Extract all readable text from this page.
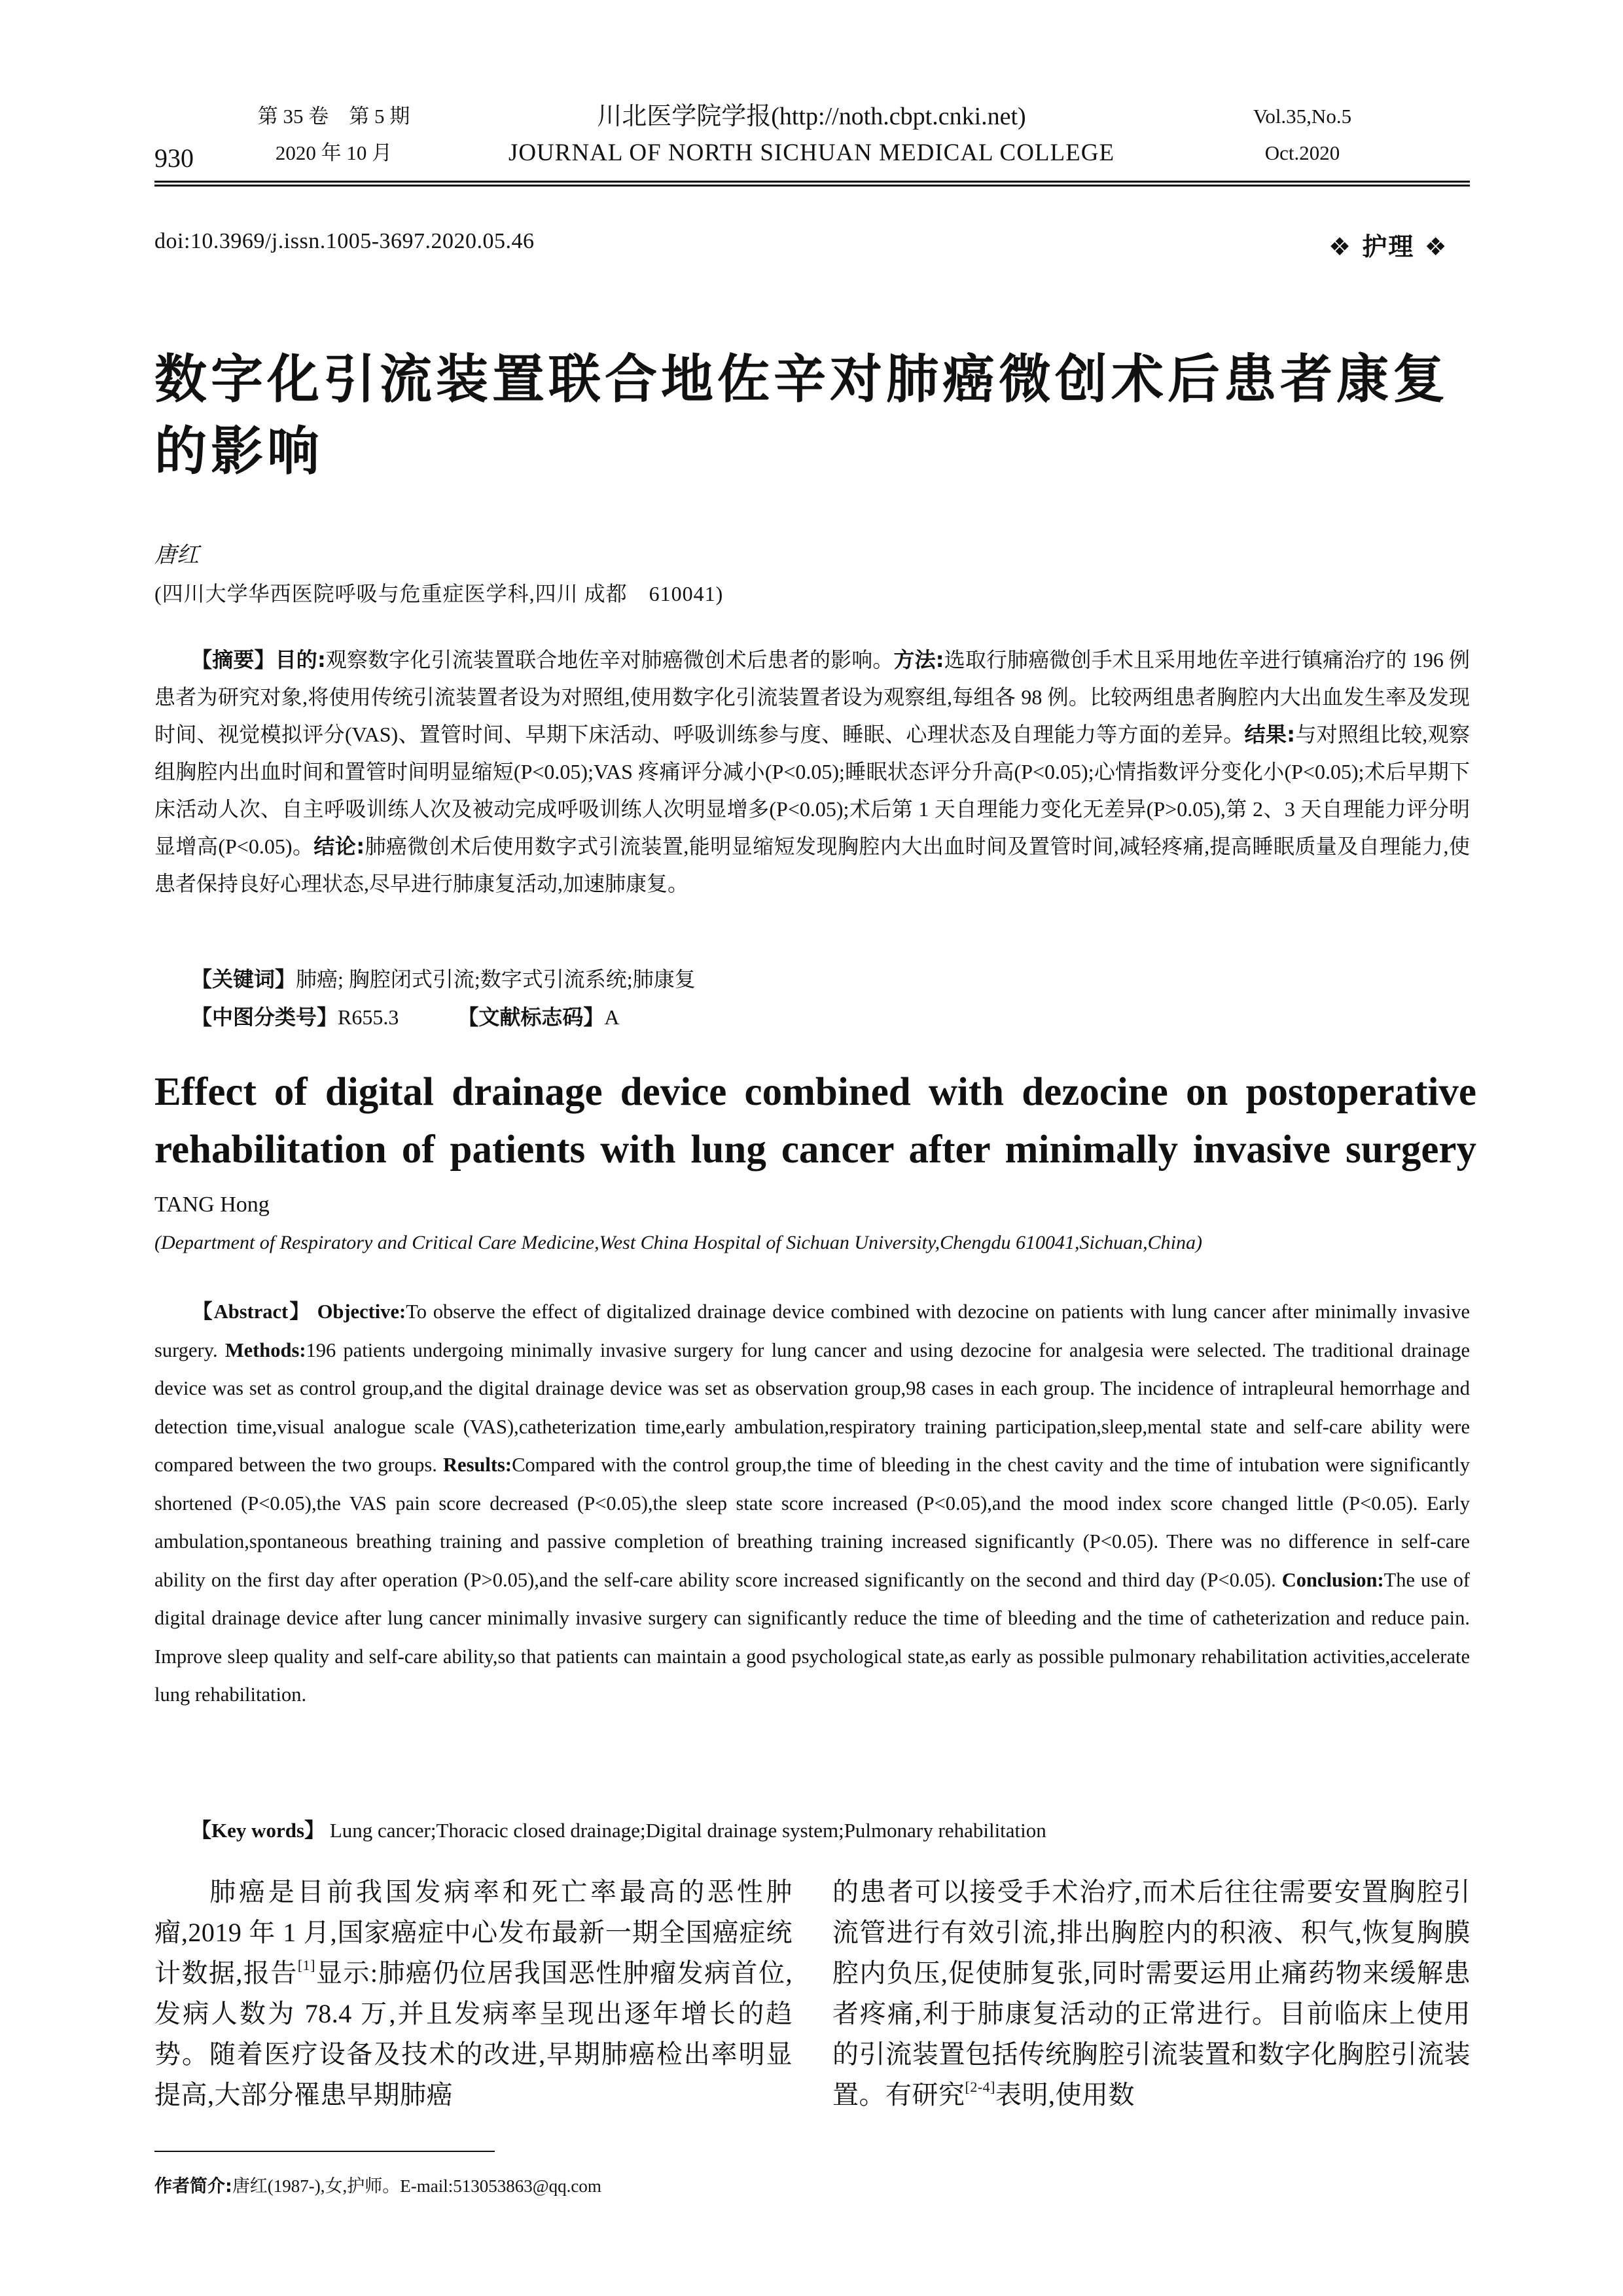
930
第 35 卷　第 5 期
2020 年 10 月
川北医学院学报(http://noth.cbpt.cnki.net)
JOURNAL OF NORTH SICHUAN MEDICAL COLLEGE
Vol.35,No.5
Oct.2020
doi:10.3969/j.issn.1005-3697.2020.05.46	❖ 护理 ❖
数字化引流装置联合地佐辛对肺癌微创术后患者康复的影响
唐红
(四川大学华西医院呼吸与危重症医学科,四川 成都　610041)

【摘要】目的:观察数字化引流装置联合地佐辛对肺癌微创术后患者的影响。方法:选取行肺癌微创手术且采用地佐辛进行镇痛治疗的 196 例患者为研究对象,将使用传统引流装置者设为对照组,使用数字化引流装置者设为观察组,每组各 98 例。比较两组患者胸腔内大出血发生率及发现时间、视觉模拟评分(VAS)、置管时间、早期下床活动、呼吸训练参与度、睡眠、心理状态及自理能力等方面的差异。结果:与对照组比较,观察组胸腔内出血时间和置管时间明显缩短(P<0.05);VAS 疼痛评分减小(P<0.05);睡眠状态评分升高(P<0.05);心情指数评分变化小(P<0.05);术后早期下床活动人次、自主呼吸训练人次及被动完成呼吸训练人次明显增多(P<0.05);术后第 1 天自理能力变化无差异(P>0.05),第 2、3 天自理能力评分明显增高(P<0.05)。结论:肺癌微创术后使用数字式引流装置,能明显缩短发现胸腔内大出血时间及置管时间,减轻疼痛,提高睡眠质量及自理能力,使患者保持良好心理状态,尽早进行肺康复活动,加速肺康复。

【关键词】肺癌; 胸腔闭式引流;数字式引流系统;肺康复
【中图分类号】R655.3	【文献标志码】A
Effect of digital drainage device combined with dezocine on postoperative rehabilitation of patients with lung cancer after minimally invasive surgery
TANG Hong
(Department of Respiratory and Critical Care Medicine,West China Hospital of Sichuan University,Chengdu 610041,Sichuan,China)

【Abstract】 Objective:To observe the effect of digitalized drainage device combined with dezocine on patients with lung cancer after minimally invasive surgery. Methods:196 patients undergoing minimally invasive surgery for lung cancer and using dezocine for analgesia were selected. The traditional drainage device was set as control group,and the digital drainage device was set as observation group,98 cases in each group. The incidence of intrapleural hemorrhage and detection time,visual analogue scale (VAS),catheterization time,early ambulation,respiratory training participation,sleep,mental state and self-care ability were compared between the two groups. Results:Compared with the control group,the time of bleeding in the chest cavity and the time of intubation were significantly shortened (P<0.05),the VAS pain score decreased (P<0.05),the sleep state score increased (P<0.05),and the mood index score changed little (P<0.05). Early ambulation,spontaneous breathing training and passive completion of breathing training increased significantly (P<0.05). There was no difference in self-care ability on the first day after operation (P>0.05),and the self-care ability score increased significantly on the second and third day (P<0.05). Conclusion:The use of digital drainage device after lung cancer minimally invasive surgery can significantly reduce the time of bleeding and the time of catheterization and reduce pain. Improve sleep quality and self-care ability,so that patients can maintain a good psychological state,as early as possible pulmonary rehabilitation activities,accelerate lung rehabilitation.

【Key words】 Lung cancer;Thoracic closed drainage;Digital drainage system;Pulmonary rehabilitation

肺癌是目前我国发病率和死亡率最高的恶性肿瘤,2019 年 1 月,国家癌症中心发布最新一期全国癌症统计数据,报告[1]显示:肺癌仍位居我国恶性肿瘤发病首位,发病人数为 78.4 万,并且发病率呈现出逐年增长的趋势。随着医疗设备及技术的改进,早期肺癌检出率明显提高,大部分罹患早期肺癌

的患者可以接受手术治疗,而术后往往需要安置胸腔引流管进行有效引流,排出胸腔内的积液、积气,恢复胸膜腔内负压,促使肺复张,同时需要运用止痛药物来缓解患者疼痛,利于肺康复活动的正常进行。目前临床上使用的引流装置包括传统胸腔引流装置和数字化胸腔引流装置。有研究[2-4]表明,使用数

作者简介:唐红(1987-),女,护师。E-mail:513053863@qq.com
